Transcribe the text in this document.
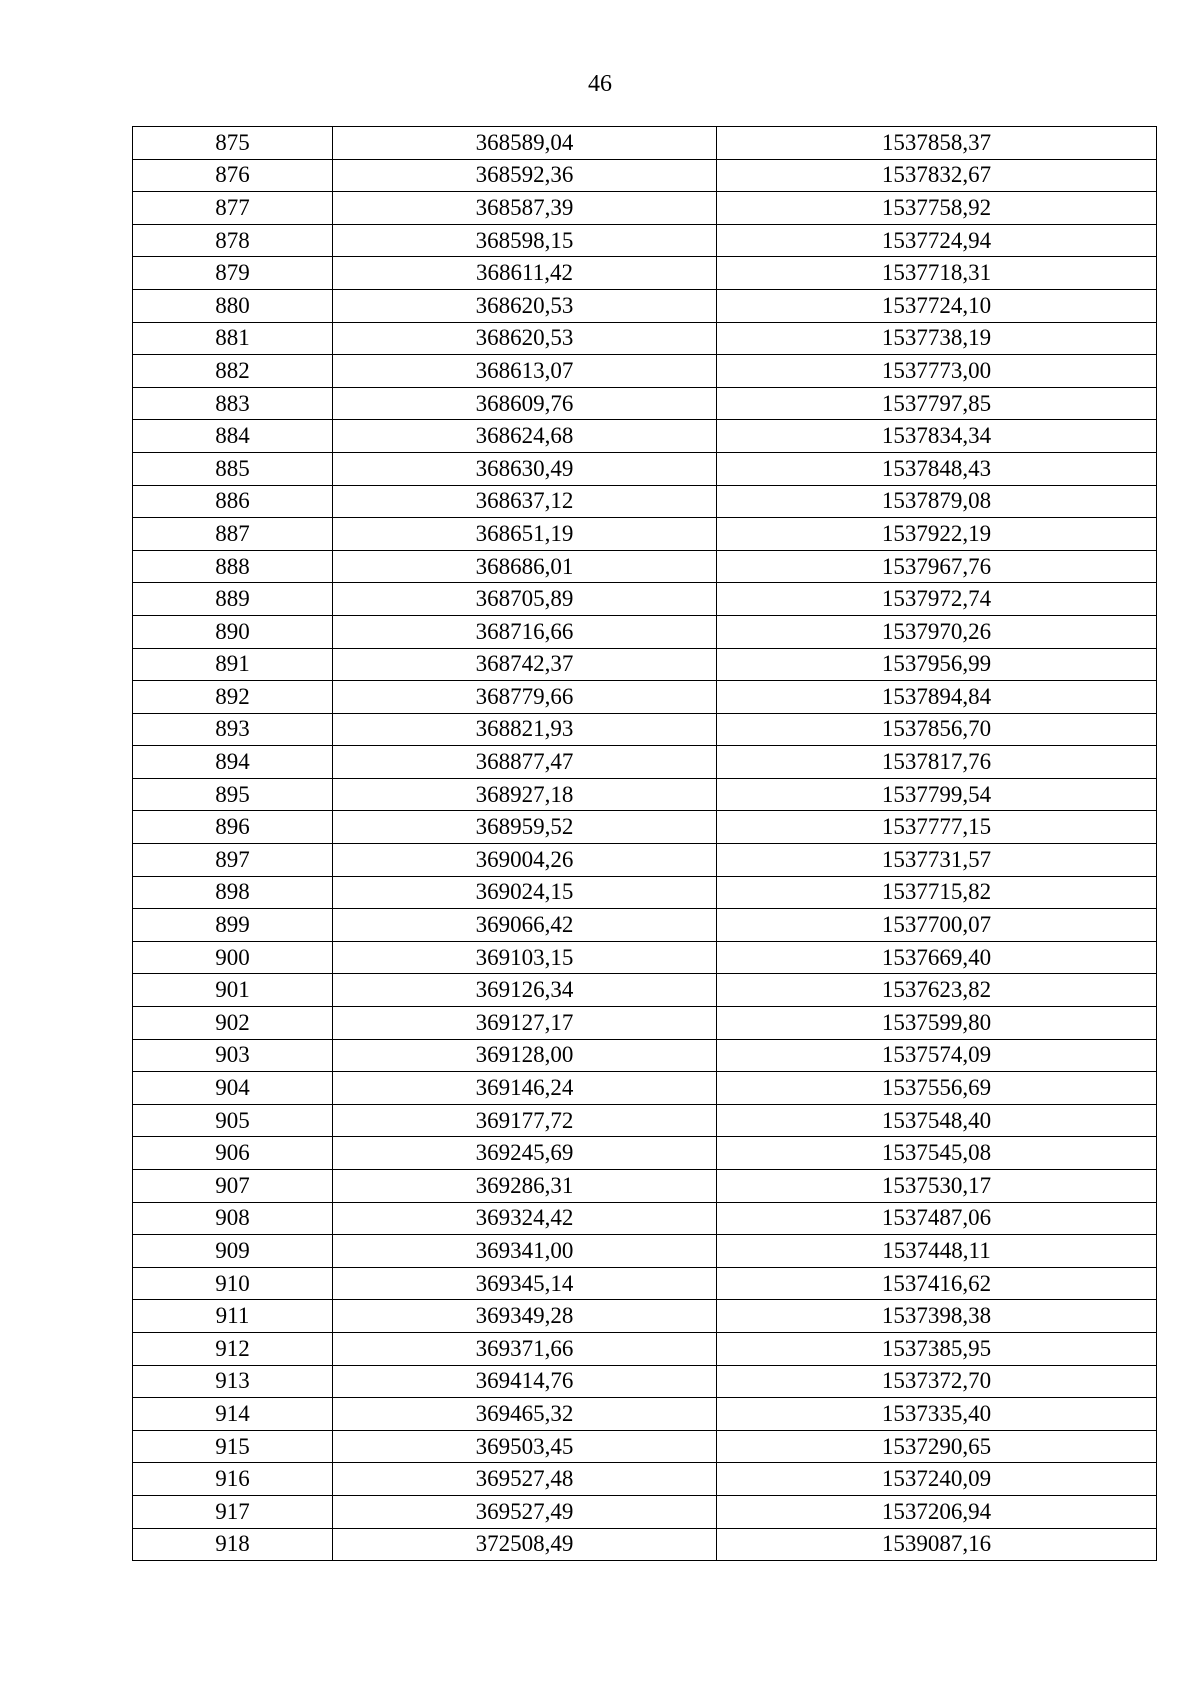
46
875	368589,04	1537858,37
876	368592,36	1537832,67
877	368587,39	1537758,92
878	368598,15	1537724,94
879	368611,42	1537718,31
880	368620,53	1537724,10
881	368620,53	1537738,19
882	368613,07	1537773,00
883	368609,76	1537797,85
884	368624,68	1537834,34
885	368630,49	1537848,43
886	368637,12	1537879,08
887	368651,19	1537922,19
888	368686,01	1537967,76
889	368705,89	1537972,74
890	368716,66	1537970,26
891	368742,37	1537956,99
892	368779,66	1537894,84
893	368821,93	1537856,70
894	368877,47	1537817,76
895	368927,18	1537799,54
896	368959,52	1537777,15
897	369004,26	1537731,57
898	369024,15	1537715,82
899	369066,42	1537700,07
900	369103,15	1537669,40
901	369126,34	1537623,82
902	369127,17	1537599,80
903	369128,00	1537574,09
904	369146,24	1537556,69
905	369177,72	1537548,40
906	369245,69	1537545,08
907	369286,31	1537530,17
908	369324,42	1537487,06
909	369341,00	1537448,11
910	369345,14	1537416,62
911	369349,28	1537398,38
912	369371,66	1537385,95
913	369414,76	1537372,70
914	369465,32	1537335,40
915	369503,45	1537290,65
916	369527,48	1537240,09
917	369527,49	1537206,94
918	372508,49	1539087,16
